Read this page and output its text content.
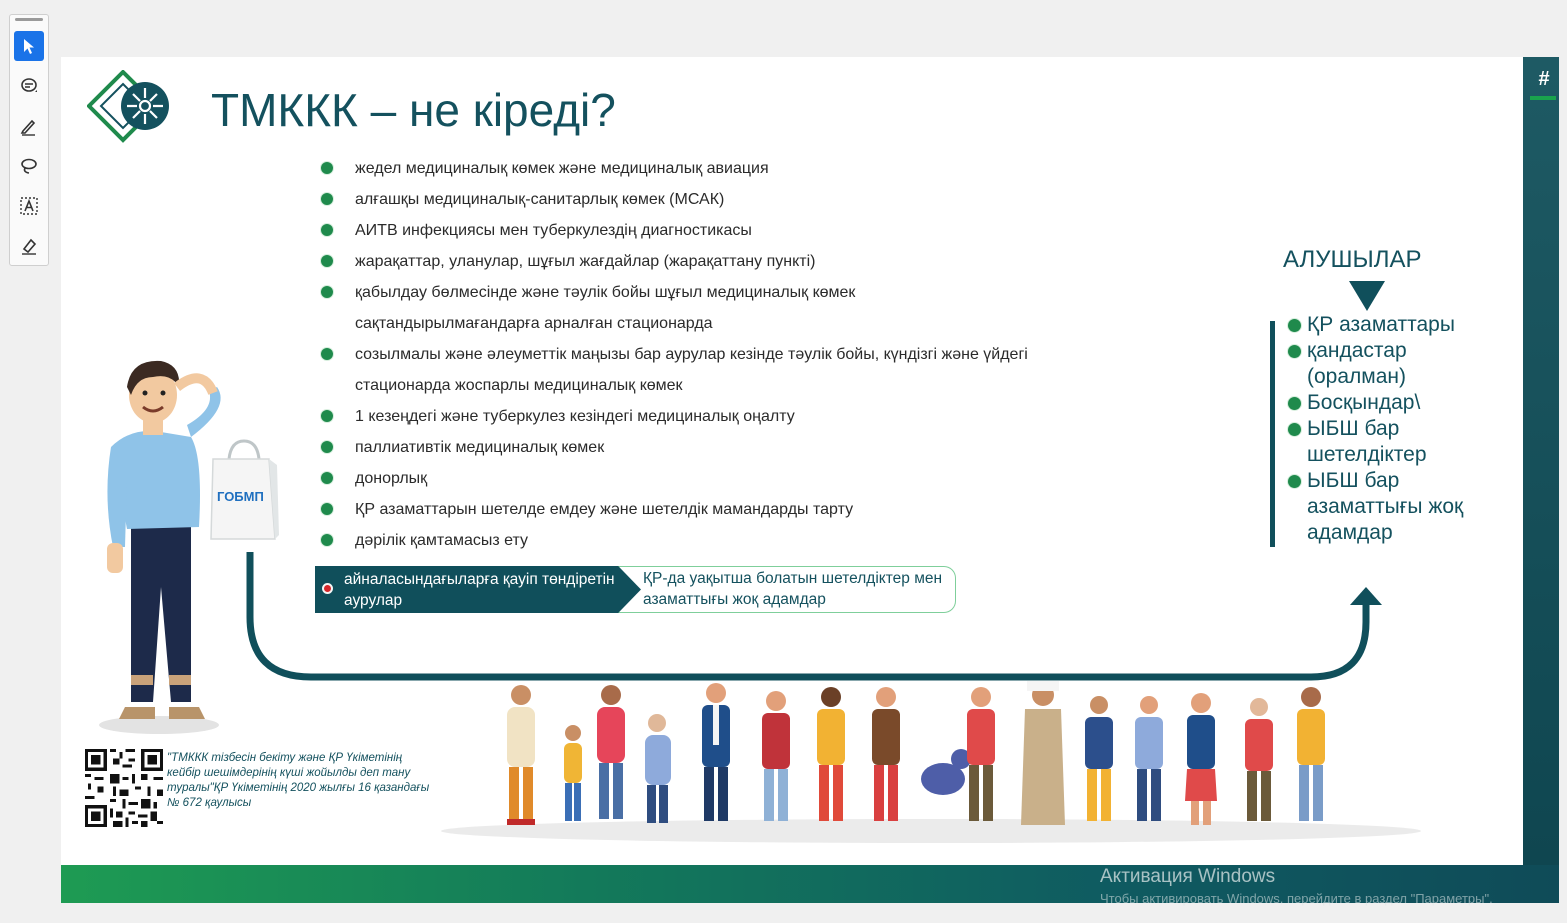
ТМККК – не кіреді?
жедел медициналық көмек және медициналық авиация
алғашқы медициналық-санитарлық көмек (МСАК)
АИТВ инфекциясы мен туберкулездің диагностикасы
жарақаттар, уланулар, шұғыл жағдайлар (жарақаттану пункті)
қабылдау бөлмесінде және тәулік бойы шұғыл медициналық көмек
сақтандырылмағандарға арналған стационарда
созылмалы және әлеуметтік маңызы бар аурулар кезінде тәулік бойы, күндізгі және үйдегі
стационарда жоспарлы медициналық көмек
1 кезеңдегі және туберкулез кезіндегі медициналық оңалту
паллиативтік медициналық көмек
донорлық
ҚР азаматтарын шетелде емдеу және шетелдік мамандарды тарту
дәрілік қамтамасыз ету
айналасындағыларға қауіп төндіретін аурулар
ҚР-да уақытша болатын шетелдіктер мен азаматтығы жоқ адамдар
АЛУШЫЛАР
ҚР азаматтары
қандастар (оралман)
Босқындар\
ЫБШ бар шетелдіктер
ЫБШ бар азаматтығы жоқ адамдар
ГОБМП
"ТМККК тізбесін бекіту және ҚР Үкіметінің кейбір шешімдерінің күші жойылды деп тану туралы"ҚР Үкіметінің 2020 жылғы 16 қазандағы № 672 қаулысы
#
Активация Windows
Чтобы активировать Windows, перейдите в раздел "Параметры".
